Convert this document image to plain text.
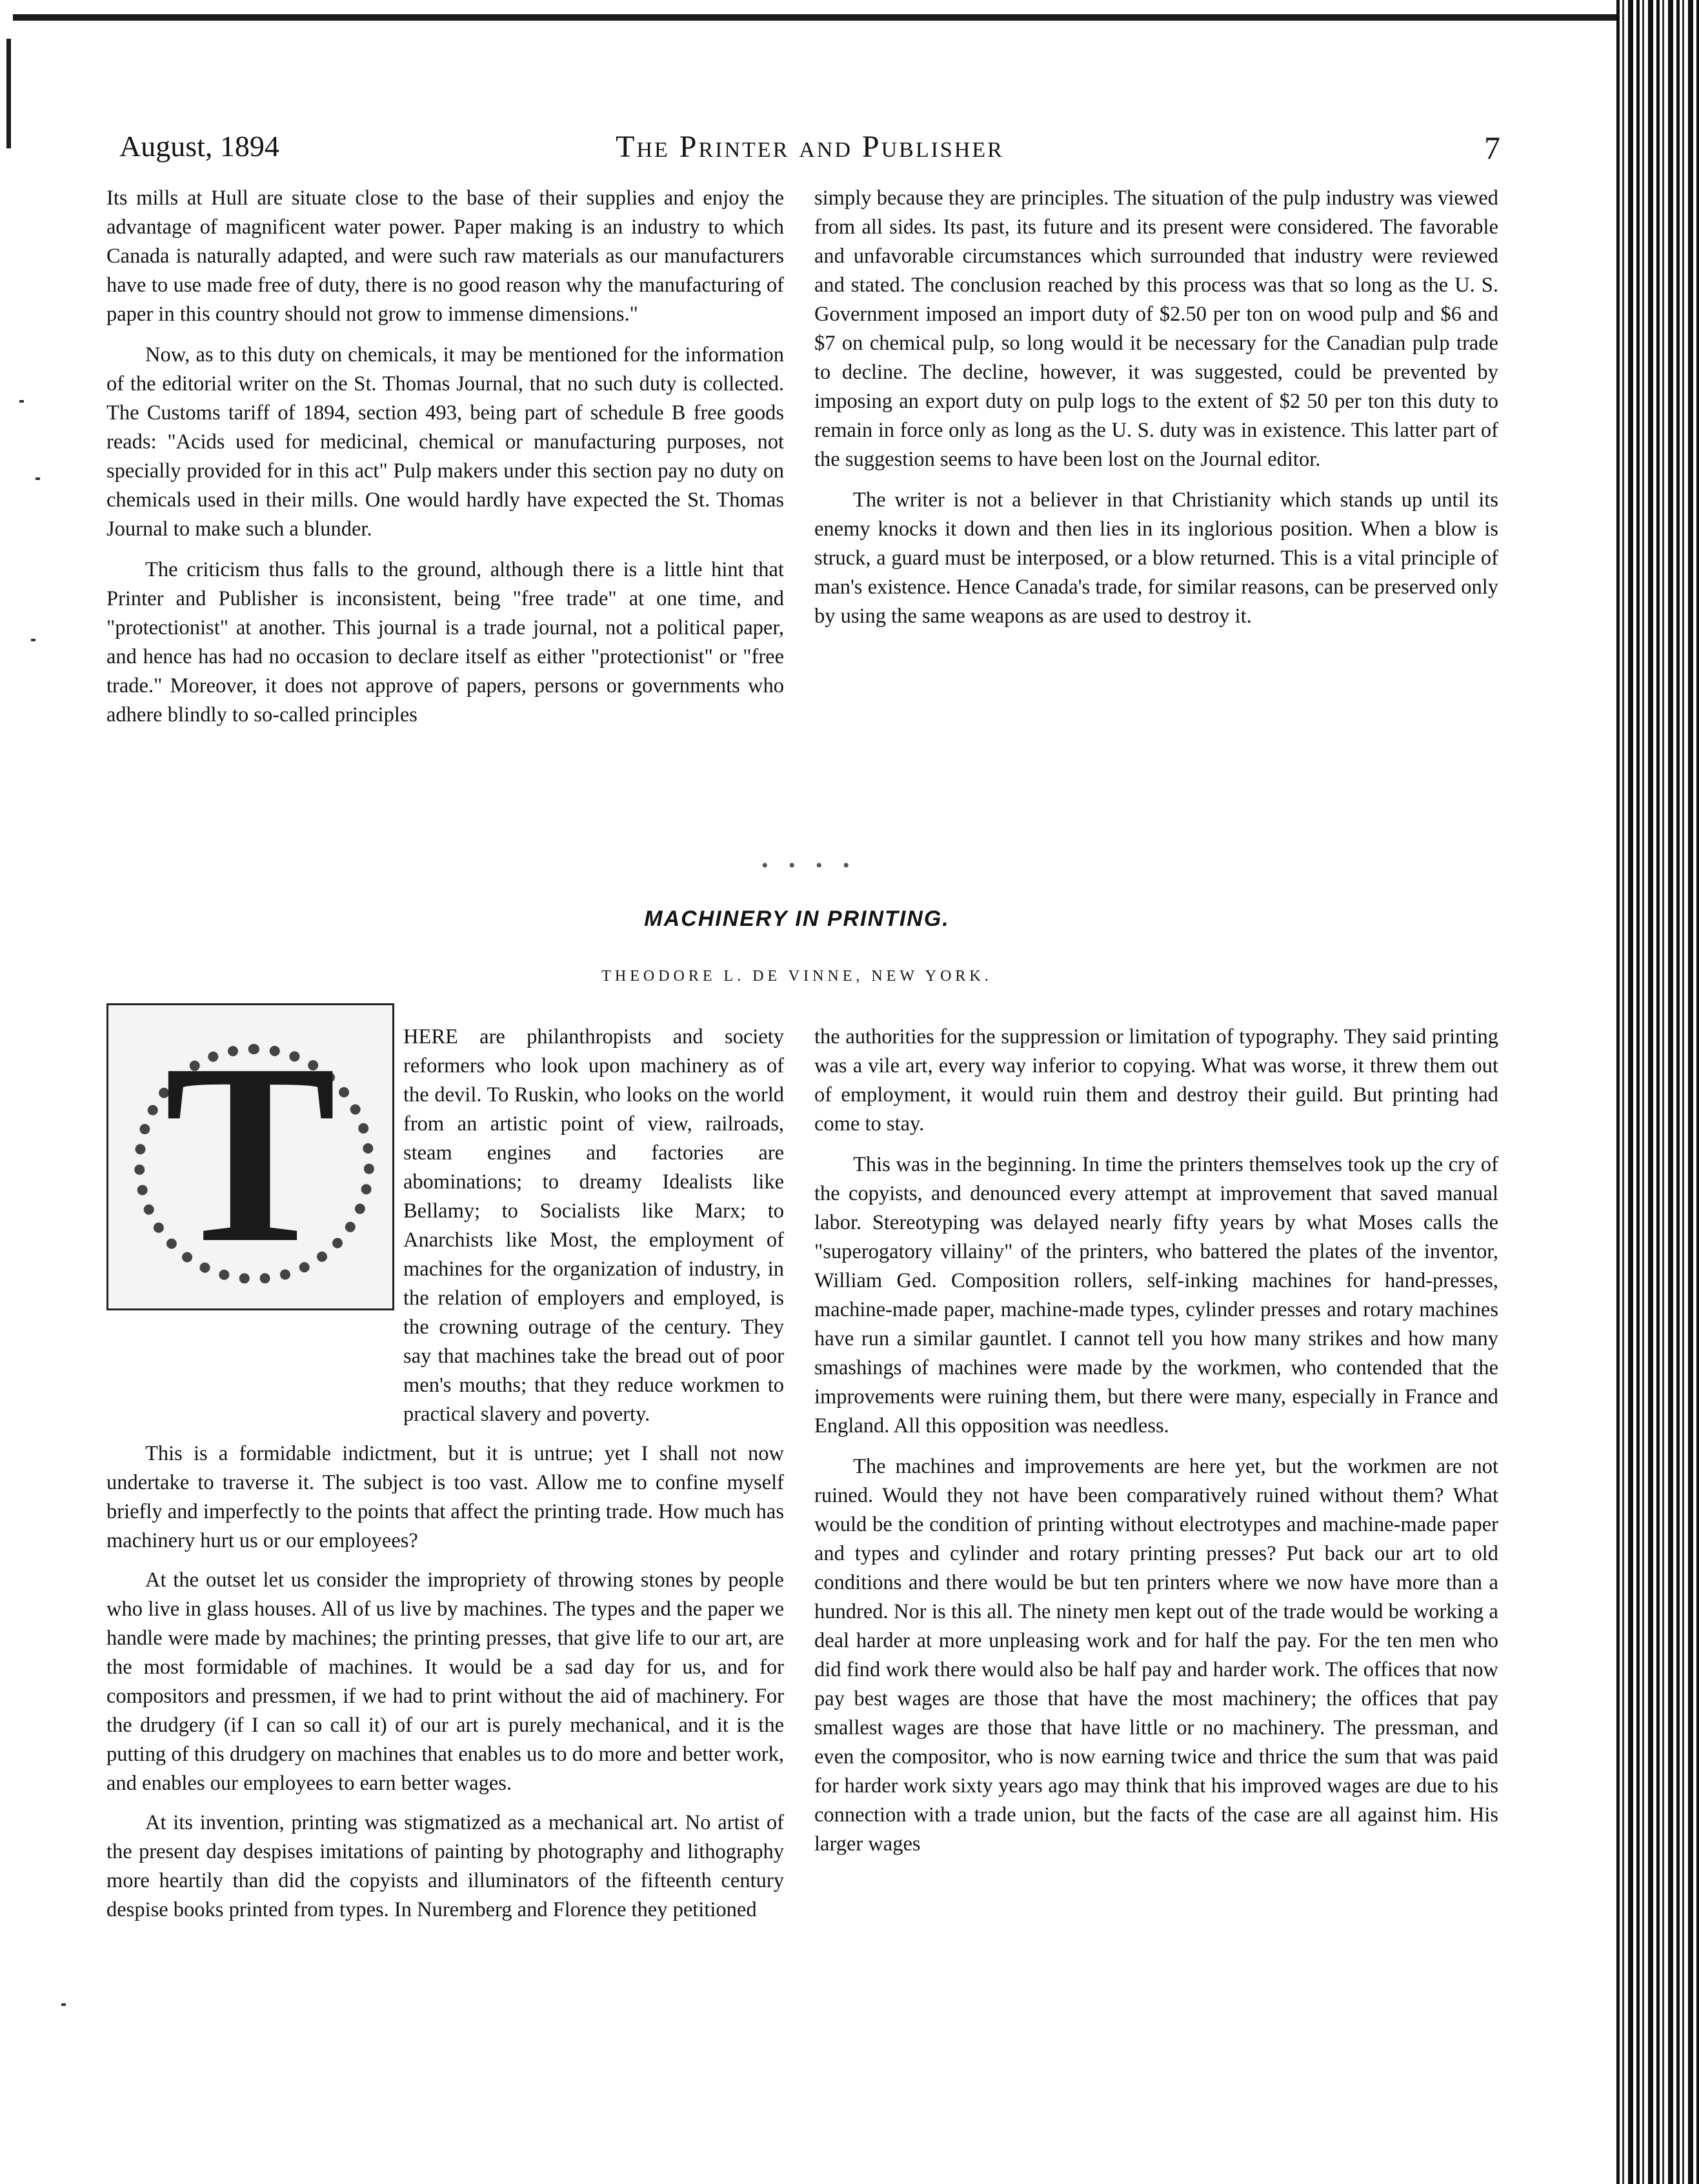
August, 1894	The Printer and Publisher	7

Its mills at Hull are situate close to the base of their supplies and enjoy the advantage of magnificent water power. Paper making is an industry to which Canada is naturally adapted, and were such raw materials as our manufacturers have to use made free of duty, there is no good reason why the manufacturing of paper in this country should not grow to immense dimensions."

Now, as to this duty on chemicals, it may be mentioned for the information of the editorial writer on the St. Thomas Journal, that no such duty is collected. The Customs tariff of 1894, section 493, being part of schedule B free goods reads: "Acids used for medicinal, chemical or manufacturing purposes, not specially provided for in this act" Pulp makers under this section pay no duty on chemicals used in their mills. One would hardly have expected the St. Thomas Journal to make such a blunder.

The criticism thus falls to the ground, although there is a little hint that Printer and Publisher is inconsistent, being "free trade" at one time, and "protectionist" at another. This journal is a trade journal, not a political paper, and hence has had no occasion to declare itself as either "protectionist" or "free trade." Moreover, it does not approve of papers, persons or governments who adhere blindly to so-called principles

simply because they are principles. The situation of the pulp industry was viewed from all sides. Its past, its future and its present were considered. The favorable and unfavorable circumstances which surrounded that industry were reviewed and stated. The conclusion reached by this process was that so long as the U. S. Government imposed an import duty of $2.50 per ton on wood pulp and $6 and $7 on chemical pulp, so long would it be necessary for the Canadian pulp trade to decline. The decline, however, it was suggested, could be prevented by imposing an export duty on pulp logs to the extent of $2 50 per ton this duty to remain in force only as long as the U. S. duty was in existence. This latter part of the suggestion seems to have been lost on the Journal editor.

The writer is not a believer in that Christianity which stands up until its enemy knocks it down and then lies in its inglorious position. When a blow is struck, a guard must be interposed, or a blow returned. This is a vital principle of man's existence. Hence Canada's trade, for similar reasons, can be preserved only by using the same weapons as are used to destroy it.

• • • •
MACHINERY IN PRINTING.
THEODORE L. DE VINNE, NEW YORK.
T	HERE are philanthropists and society reformers who look upon machinery as of the devil. To Ruskin, who looks on the world from an artistic point of view, railroads, steam engines and factories are abominations; to dreamy Idealists like Bellamy; to Socialists like Marx; to Anarchists like Most, the employment of machines for the organization of industry, in the relation of employers and employed, is the crowning outrage of the century. They say that machines take the bread out of poor men's mouths; that they reduce workmen to practical slavery and poverty.

This is a formidable indictment, but it is untrue; yet I shall not now undertake to traverse it. The subject is too vast. Allow me to confine myself briefly and imperfectly to the points that affect the printing trade. How much has machinery hurt us or our employees?

At the outset let us consider the impropriety of throwing stones by people who live in glass houses. All of us live by machines. The types and the paper we handle were made by machines; the printing presses, that give life to our art, are the most formidable of machines. It would be a sad day for us, and for compositors and pressmen, if we had to print without the aid of machinery. For the drudgery (if I can so call it) of our art is purely mechanical, and it is the putting of this drudgery on machines that enables us to do more and better work, and enables our employees to earn better wages.

At its invention, printing was stigmatized as a mechanical art. No artist of the present day despises imitations of painting by photography and lithography more heartily than did the copyists and illuminators of the fifteenth century despise books printed from types. In Nuremberg and Florence they petitioned

the authorities for the suppression or limitation of typography. They said printing was a vile art, every way inferior to copying. What was worse, it threw them out of employment, it would ruin them and destroy their guild. But printing had come to stay.

This was in the beginning. In time the printers themselves took up the cry of the copyists, and denounced every attempt at improvement that saved manual labor. Stereotyping was delayed nearly fifty years by what Moses calls the "superogatory villainy" of the printers, who battered the plates of the inventor, William Ged. Composition rollers, self-inking machines for hand-presses, machine-made paper, machine-made types, cylinder presses and rotary machines have run a similar gauntlet. I cannot tell you how many strikes and how many smashings of machines were made by the workmen, who contended that the improvements were ruining them, but there were many, especially in France and England. All this opposition was needless.

The machines and improvements are here yet, but the workmen are not ruined. Would they not have been comparatively ruined without them? What would be the condition of printing without electrotypes and machine-made paper and types and cylinder and rotary printing presses? Put back our art to old conditions and there would be but ten printers where we now have more than a hundred. Nor is this all. The ninety men kept out of the trade would be working a deal harder at more unpleasing work and for half the pay. For the ten men who did find work there would also be half pay and harder work. The offices that now pay best wages are those that have the most machinery; the offices that pay smallest wages are those that have little or no machinery. The pressman, and even the compositor, who is now earning twice and thrice the sum that was paid for harder work sixty years ago may think that his improved wages are due to his connection with a trade union, but the facts of the case are all against him. His larger wages
